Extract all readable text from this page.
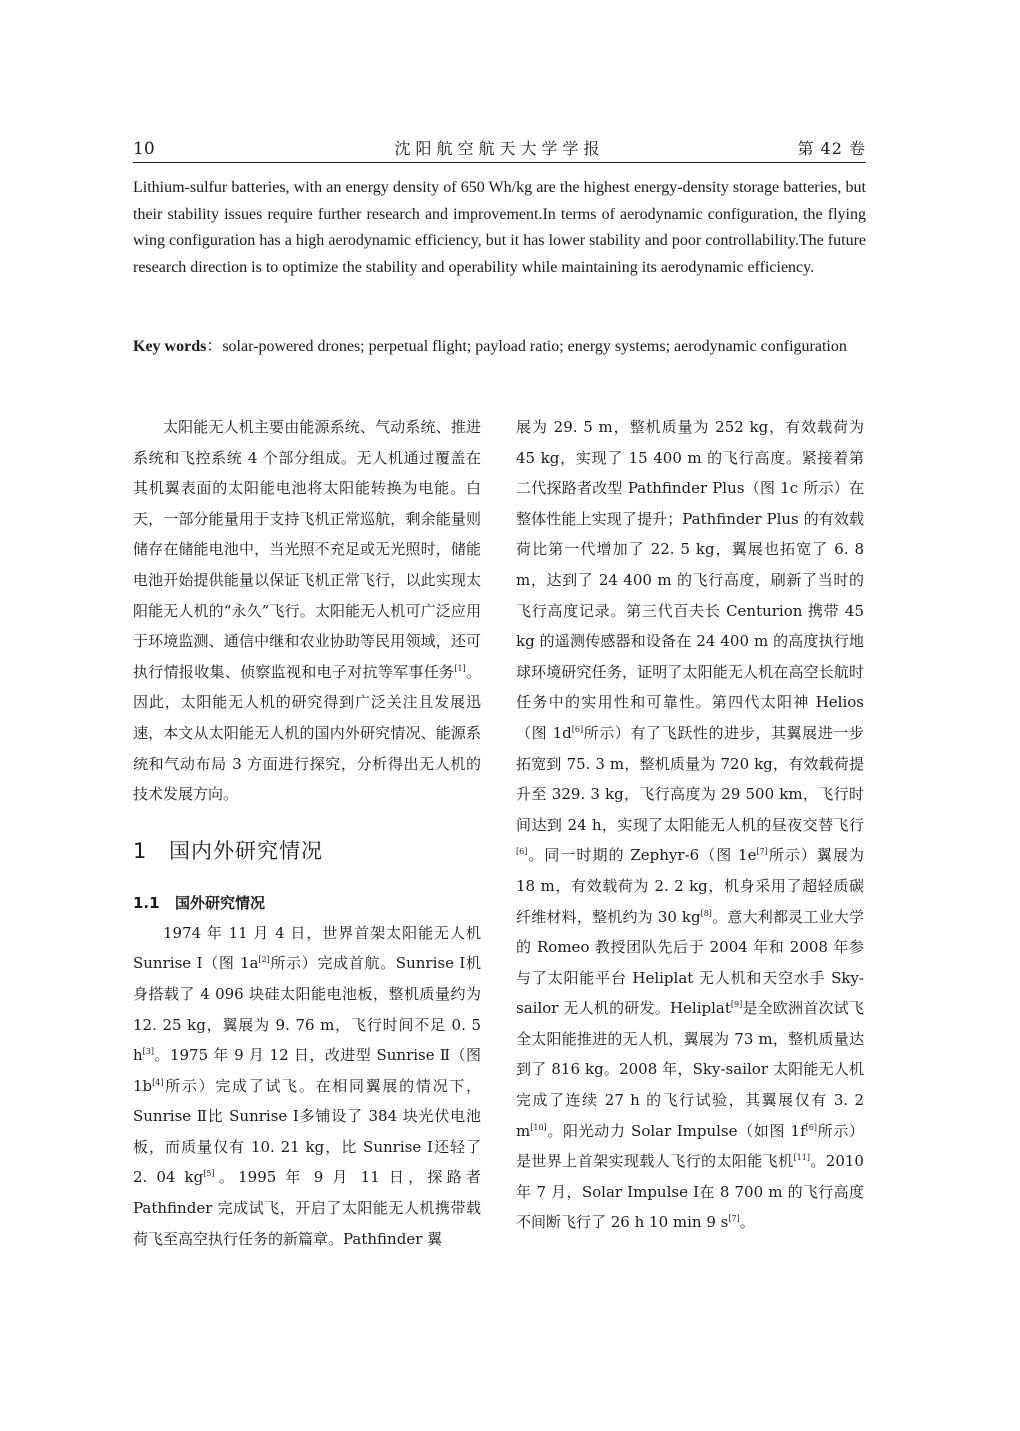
10	沈阳航空航天大学学报	第 42 卷

Lithium-sulfur batteries, with an energy density of 650 Wh/kg are the highest energy-density storage batteries, but their stability issues require further research and improvement.In terms of aerodynamic configuration, the flying wing configuration has a high aerodynamic efficiency, but it has lower stability and poor controllability.The future research direction is to optimize the stability and operability while maintaining its aerodynamic efficiency.

Key words：solar-powered drones; perpetual flight; payload ratio; energy systems; aerodynamic configuration

太阳能无人机主要由能源系统、气动系统、推进系统和飞控系统 4 个部分组成。无人机通过覆盖在其机翼表面的太阳能电池将太阳能转换为电能。白天，一部分能量用于支持飞机正常巡航，剩余能量则储存在储能电池中，当光照不充足或无光照时，储能电池开始提供能量以保证飞机正常飞行，以此实现太阳能无人机的“永久”飞行。太阳能无人机可广泛应用于环境监测、通信中继和农业协助等民用领域，还可执行情报收集、侦察监视和电子对抗等军事任务[1]。因此，太阳能无人机的研究得到广泛关注且发展迅速，本文从太阳能无人机的国内外研究情况、能源系统和气动布局 3 方面进行探究，分析得出无人机的技术发展方向。

1 国内外研究情况
1.1 国外研究情况

1974 年 11 月 4 日，世界首架太阳能无人机 Sunrise Ⅰ（图 1a[2]所示）完成首航。Sunrise Ⅰ机身搭载了 4 096 块硅太阳能电池板，整机质量约为 12. 25 kg，翼展为 9. 76 m，飞行时间不足 0. 5 h[3]。1975 年 9 月 12 日，改进型 Sunrise Ⅱ（图 1b[4]所示）完成了试飞。在相同翼展的情况下，Sunrise Ⅱ比 Sunrise Ⅰ多铺设了 384 块光伏电池板，而质量仅有 10. 21 kg，比 Sunrise Ⅰ还轻了 2. 04 kg[5]。1995 年 9 月 11 日，探路者 Pathfinder 完成试飞，开启了太阳能无人机携带载荷飞至高空执行任务的新篇章。Pathfinder 翼

展为 29. 5 m，整机质量为 252 kg，有效载荷为 45 kg，实现了 15 400 m 的飞行高度。紧接着第二代探路者改型 Pathfinder Plus（图 1c 所示）在整体性能上实现了提升；Pathfinder Plus 的有效载荷比第一代增加了 22. 5 kg，翼展也拓宽了 6. 8 m，达到了 24 400 m 的飞行高度，刷新了当时的飞行高度记录。第三代百夫长 Centurion 携带 45 kg 的遥测传感器和设备在 24 400 m 的高度执行地球环境研究任务，证明了太阳能无人机在高空长航时任务中的实用性和可靠性。第四代太阳神 Helios（图 1d[6]所示）有了飞跃性的进步，其翼展进一步拓宽到 75. 3 m，整机质量为 720 kg，有效载荷提升至 329. 3 kg，飞行高度为 29 500 km，飞行时间达到 24 h，实现了太阳能无人机的昼夜交替飞行[6]。同一时期的 Zephyr-6（图 1e[7]所示）翼展为 18 m，有效载荷为 2. 2 kg，机身采用了超轻质碳纤维材料，整机约为 30 kg[8]。意大利都灵工业大学的 Romeo 教授团队先后于 2004 年和 2008 年参与了太阳能平台 Heliplat 无人机和天空水手 Sky-sailor 无人机的研发。Heliplat[9]是全欧洲首次试飞全太阳能推进的无人机，翼展为 73 m，整机质量达到了 816 kg。2008 年，Sky-sailor 太阳能无人机完成了连续 27 h 的飞行试验，其翼展仅有 3. 2 m[10]。阳光动力 Solar Impulse（如图 1f[6]所示）是世界上首架实现载人飞行的太阳能飞机[11]。2010 年 7 月，Solar Impulse Ⅰ在 8 700 m 的飞行高度不间断飞行了 26 h 10 min 9 s[7]。
